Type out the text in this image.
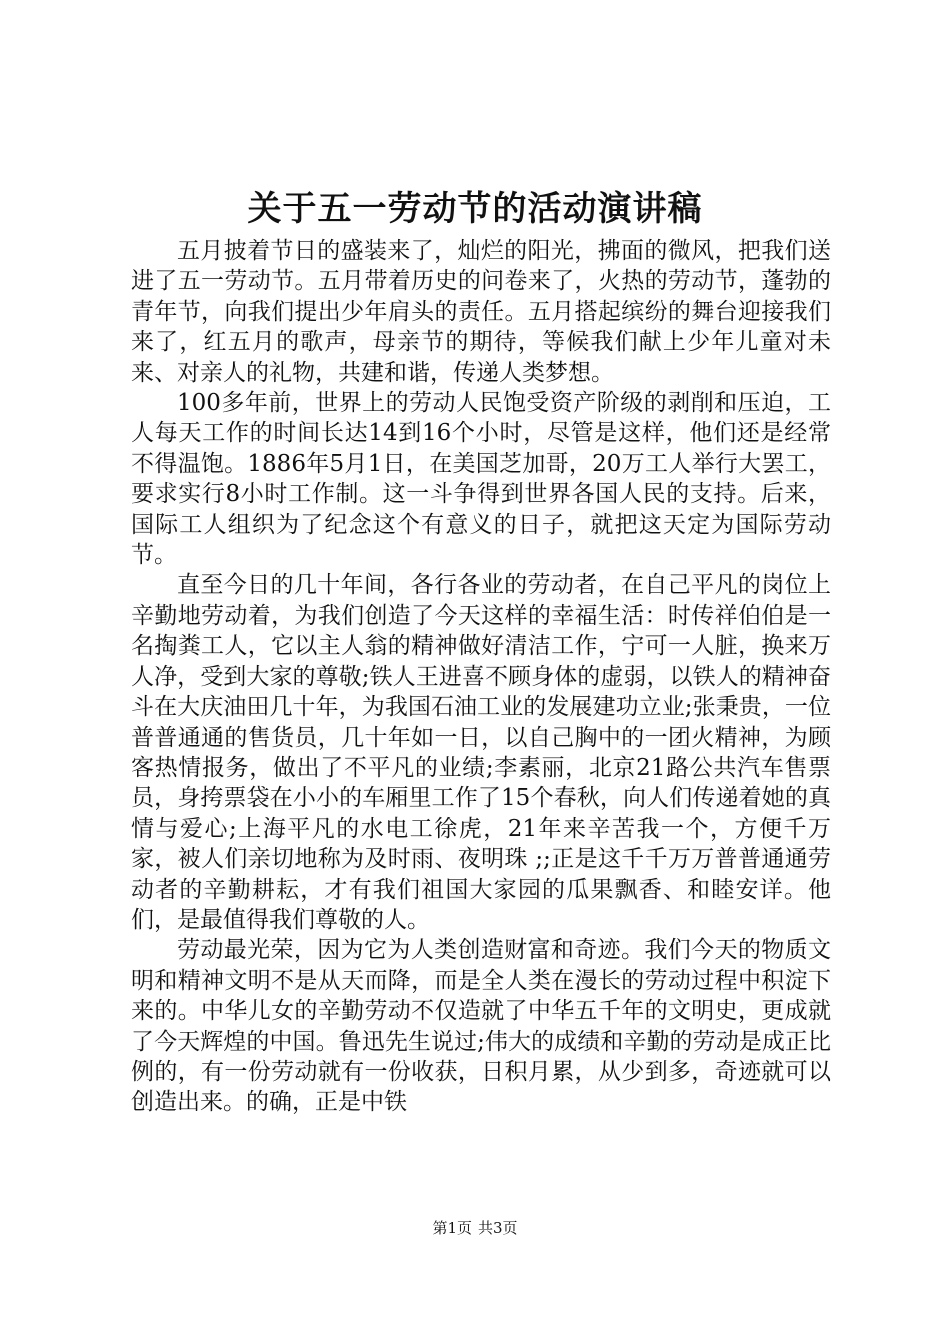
关于五一劳动节的活动演讲稿

五月披着节日的盛装来了，灿烂的阳光，拂面的微风，把我们送进了五一劳动节。五月带着历史的问卷来了，火热的劳动节，蓬勃的青年节，向我们提出少年肩头的责任。五月搭起缤纷的舞台迎接我们来了，红五月的歌声，母亲节的期待，等候我们献上少年儿童对未来、对亲人的礼物，共建和谐，传递人类梦想。

100多年前，世界上的劳动人民饱受资产阶级的剥削和压迫，工人每天工作的时间长达14到16个小时，尽管是这样，他们还是经常不得温饱。1886年5月1日，在美国芝加哥，20万工人举行大罢工，要求实行8小时工作制。这一斗争得到世界各国人民的支持。后来，国际工人组织为了纪念这个有意义的日子，就把这天定为国际劳动节。

直至今日的几十年间，各行各业的劳动者，在自己平凡的岗位上辛勤地劳动着，为我们创造了今天这样的幸福生活：时传祥伯伯是一名掏粪工人，它以主人翁的精神做好清洁工作，宁可一人脏，换来万人净，受到大家的尊敬;铁人王进喜不顾身体的虚弱，以铁人的精神奋斗在大庆油田几十年，为我国石油工业的发展建功立业;张秉贵，一位普普通通的售货员，几十年如一日，以自己胸中的一团火精神，为顾客热情报务，做出了不平凡的业绩;李素丽，北京21路公共汽车售票员，身挎票袋在小小的车厢里工作了15个春秋，向人们传递着她的真情与爱心;上海平凡的水电工徐虎，21年来辛苦我一个，方便千万家，被人们亲切地称为及时雨、夜明珠 ;;正是这千千万万普普通通劳动者的辛勤耕耘，才有我们祖国大家园的瓜果飘香、和睦安详。他们，是最值得我们尊敬的人。

劳动最光荣，因为它为人类创造财富和奇迹。我们今天的物质文明和精神文明不是从天而降，而是全人类在漫长的劳动过程中积淀下来的。中华儿女的辛勤劳动不仅造就了中华五千年的文明史，更成就了今天辉煌的中国。鲁迅先生说过;伟大的成绩和辛勤的劳动是成正比例的，有一份劳动就有一份收获，日积月累，从少到多，奇迹就可以创造出来。的确，正是中铁

第1页 共3页
